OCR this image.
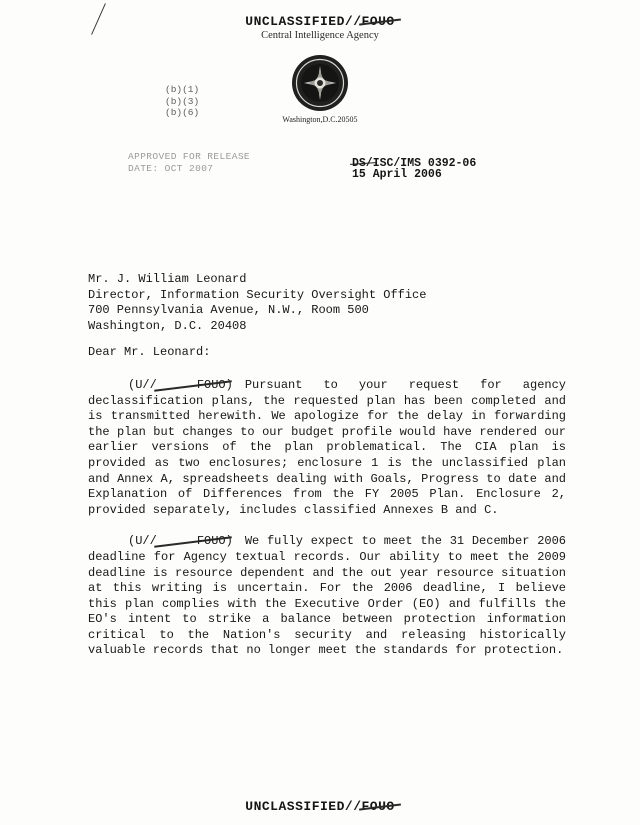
UNCLASSIFIED//FOUO
Central Intelligence Agency
Washington,D.C.20505
(b)(1)
(b)(3)
(b)(6)
APPROVED FOR RELEASE
DATE: OCT 2007	DS/ISC/IMS 0392-06
15 April 2006
Mr. J. William Leonard
Director, Information Security Oversight Office
700 Pennsylvania Avenue, N.W., Room 500
Washington, D.C. 20408
Dear Mr. Leonard:

(U//	FOUO) Pursuant to your request for agency declassification plans, the requested plan has been completed and is transmitted herewith. We apologize for the delay in forwarding the plan but changes to our budget profile would have rendered our earlier versions of the plan problematical. The CIA plan is provided as two enclosures; enclosure 1 is the unclassified plan and Annex A, spreadsheets dealing with Goals, Progress to date and Explanation of Differences from the FY 2005 Plan. Enclosure 2, provided separately, includes classified Annexes B and C.

(U//	FOUO) We fully expect to meet the 31 December 2006 deadline for Agency textual records. Our ability to meet the 2009 deadline is resource dependent and the out year resource situation at this writing is uncertain. For the 2006 deadline, I believe this plan complies with the Executive Order (EO) and fulfills the EO's intent to strike a balance between protection information critical to the Nation's security and releasing historically valuable records that no longer meet the standards for protection.

UNCLASSIFIED//FOUO
